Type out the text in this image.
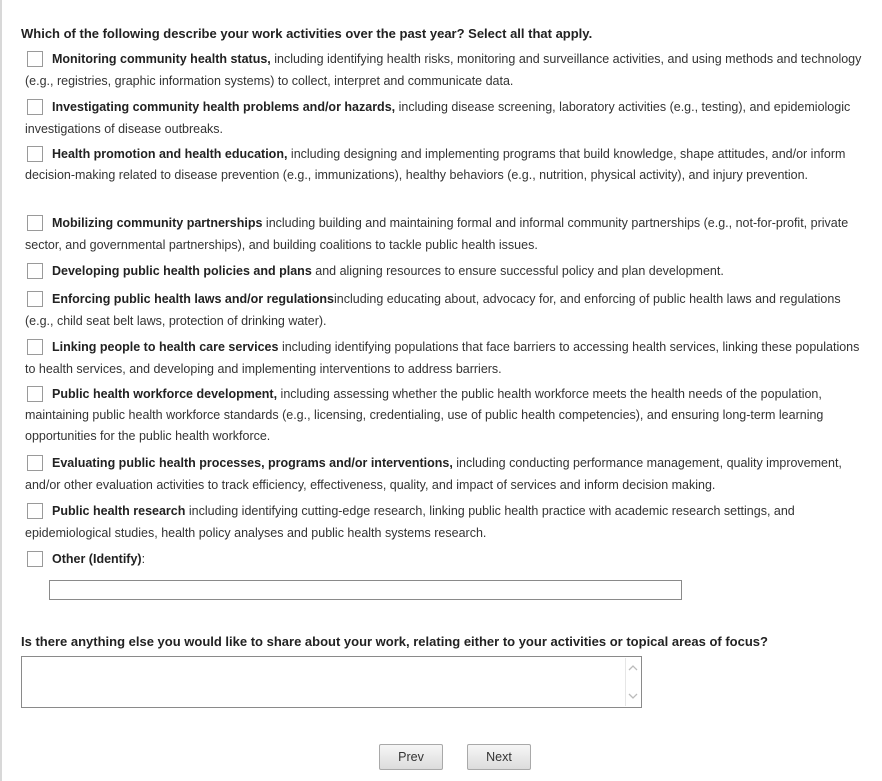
Which of the following describe your work activities over the past year? Select all that apply.
Monitoring community health status, including identifying health risks, monitoring and surveillance activities, and using methods and technology (e.g., registries, graphic information systems) to collect, interpret and communicate data.
Investigating community health problems and/or hazards, including disease screening, laboratory activities (e.g., testing), and epidemiologic investigations of disease outbreaks.
Health promotion and health education, including designing and implementing programs that build knowledge, shape attitudes, and/or inform decision-making related to disease prevention (e.g., immunizations), healthy behaviors (e.g., nutrition, physical activity), and injury prevention.
Mobilizing community partnerships including building and maintaining formal and informal community partnerships (e.g., not-for-profit, private sector, and governmental partnerships), and building coalitions to tackle public health issues.
Developing public health policies and plans and aligning resources to ensure successful policy and plan development.
Enforcing public health laws and/or regulationsincluding educating about, advocacy for, and enforcing of public health laws and regulations (e.g., child seat belt laws, protection of drinking water).
Linking people to health care services including identifying populations that face barriers to accessing health services, linking these populations to health services, and developing and implementing interventions to address barriers.
Public health workforce development, including assessing whether the public health workforce meets the health needs of the population, maintaining public health workforce standards (e.g., licensing, credentialing, use of public health competencies), and ensuring long-term learning opportunities for the public health workforce.
Evaluating public health processes, programs and/or interventions, including conducting performance management, quality improvement, and/or other evaluation activities to track efficiency, effectiveness, quality, and impact of services and inform decision making.
Public health research including identifying cutting-edge research, linking public health practice with academic research settings, and epidemiological studies, health policy analyses and public health systems research.
Other (Identify):
Is there anything else you would like to share about your work, relating either to your activities or topical areas of focus?
Prev	Next
